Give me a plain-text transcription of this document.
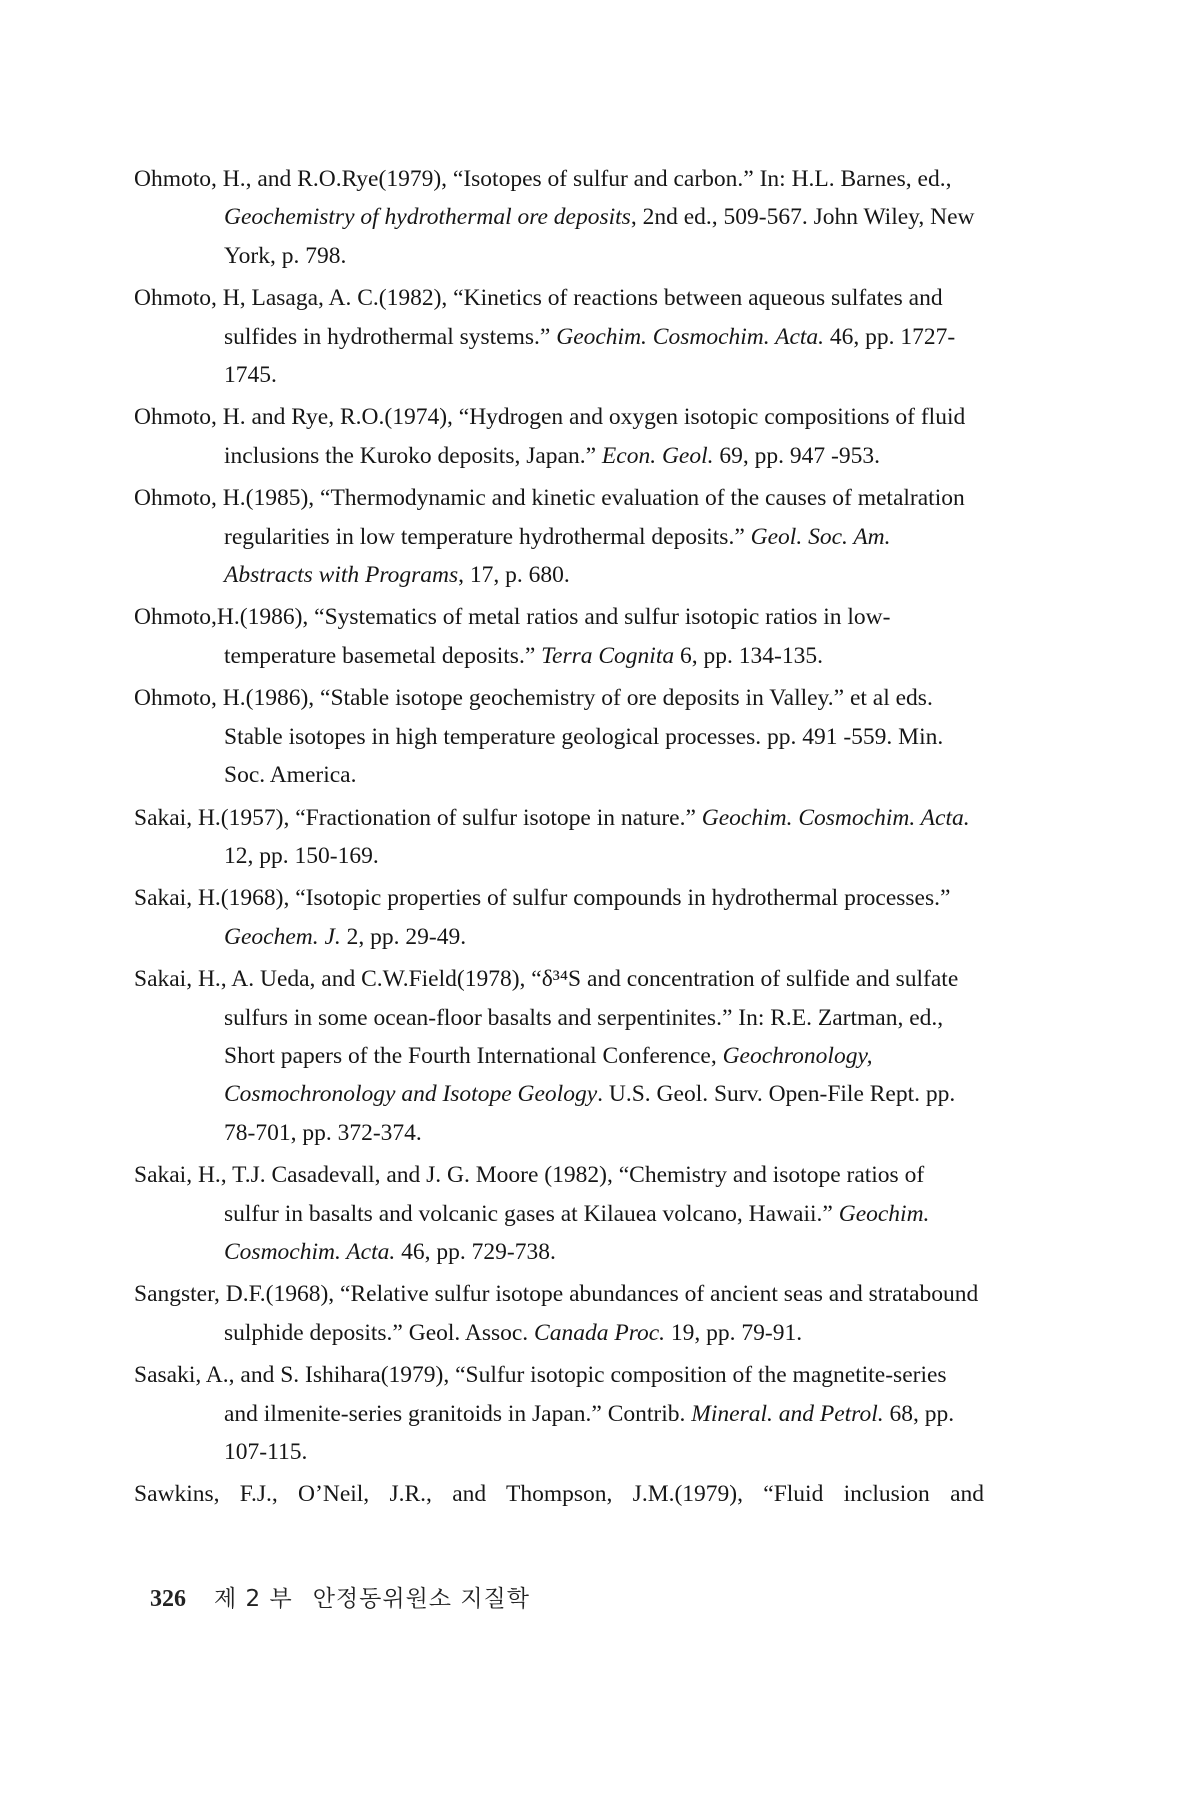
Ohmoto, H., and R.O.Rye(1979), “Isotopes of sulfur and carbon.” In: H.L. Barnes, ed., Geochemistry of hydrothermal ore deposits, 2nd ed., 509-567. John Wiley, New York, p. 798.

Ohmoto, H, Lasaga, A. C.(1982), “Kinetics of reactions between aqueous sulfates and sulfides in hydrothermal systems.” Geochim. Cosmochim. Acta. 46, pp. 1727-1745.

Ohmoto, H. and Rye, R.O.(1974), “Hydrogen and oxygen isotopic compositions of fluid inclusions the Kuroko deposits, Japan.” Econ. Geol. 69, pp. 947 -953.

Ohmoto, H.(1985), “Thermodynamic and kinetic evaluation of the causes of metalration regularities in low temperature hydrothermal deposits.” Geol. Soc. Am. Abstracts with Programs, 17, p. 680.

Ohmoto,H.(1986), “Systematics of metal ratios and sulfur isotopic ratios in low-temperature basemetal deposits.” Terra Cognita 6, pp. 134-135.

Ohmoto, H.(1986), “Stable isotope geochemistry of ore deposits in Valley.” et al eds. Stable isotopes in high temperature geological processes. pp. 491 -559. Min. Soc. America.

Sakai, H.(1957), “Fractionation of sulfur isotope in nature.” Geochim. Cosmochim. Acta. 12, pp. 150-169.

Sakai, H.(1968), “Isotopic properties of sulfur compounds in hydrothermal processes.” Geochem. J. 2, pp. 29-49.

Sakai, H., A. Ueda, and C.W.Field(1978), “δ³⁴S and concentration of sulfide and sulfate sulfurs in some ocean-floor basalts and serpentinites.” In: R.E. Zartman, ed., Short papers of the Fourth International Conference, Geochronology, Cosmochronology and Isotope Geology. U.S. Geol. Surv. Open-File Rept. pp. 78-701, pp. 372-374.

Sakai, H., T.J. Casadevall, and J. G. Moore (1982), “Chemistry and isotope ratios of sulfur in basalts and volcanic gases at Kilauea volcano, Hawaii.” Geochim. Cosmochim. Acta. 46, pp. 729-738.

Sangster, D.F.(1968), “Relative sulfur isotope abundances of ancient seas and stratabound sulphide deposits.” Geol. Assoc. Canada Proc. 19, pp. 79-91.

Sasaki, A., and S. Ishihara(1979), “Sulfur isotopic composition of the magnetite-series and ilmenite-series granitoids in Japan.” Contrib. Mineral. and Petrol. 68, pp. 107-115.

Sawkins, F.J., O’Neil, J.R., and Thompson, J.M.(1979), “Fluid inclusion and

326 제 2 부 안정동위원소 지질학
